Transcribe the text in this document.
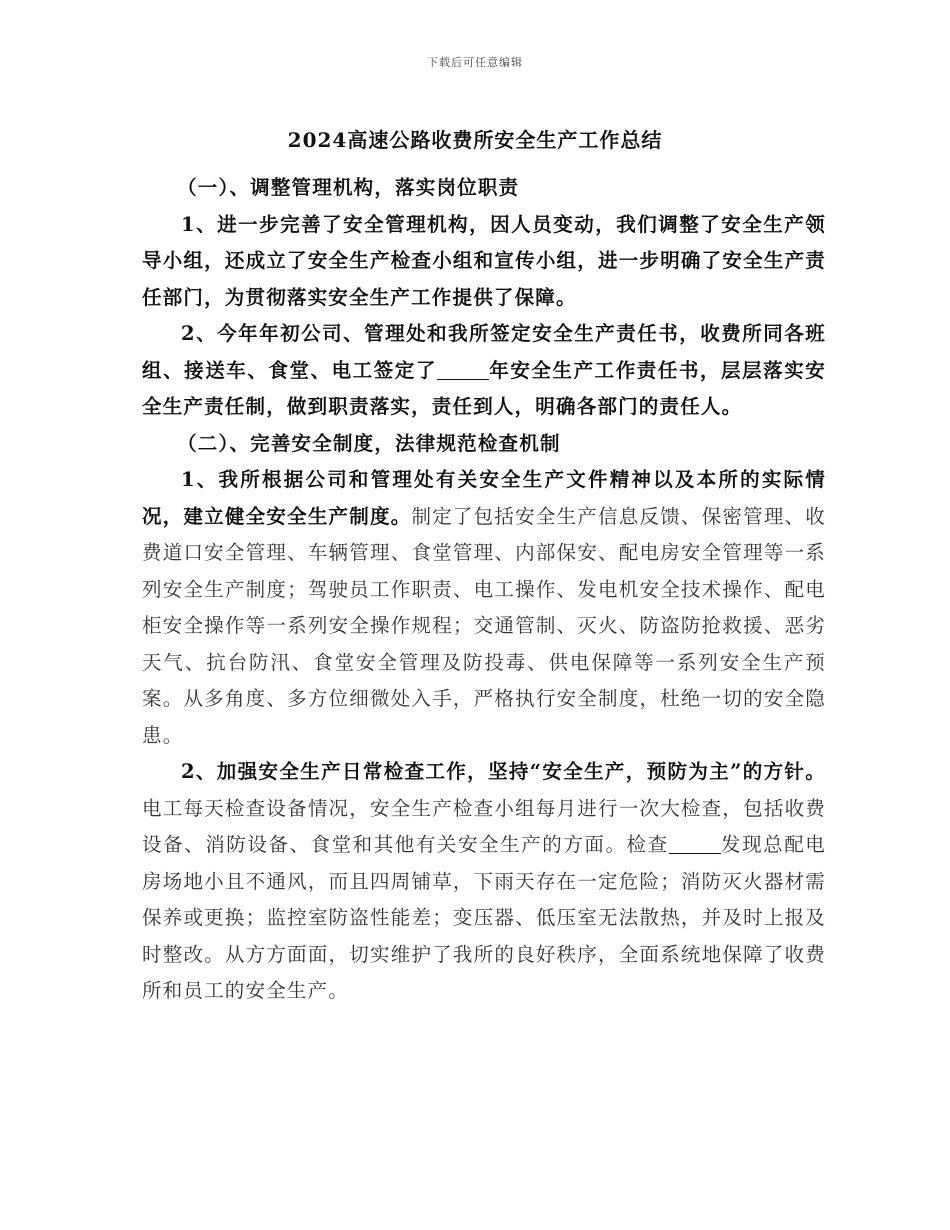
下载后可任意编辑
2024高速公路收费所安全生产工作总结

（一）、调整管理机构，落实岗位职责

1、进一步完善了安全管理机构，因人员变动，我们调整了安全生产领导小组，还成立了安全生产检查小组和宣传小组，进一步明确了安全生产责任部门，为贯彻落实安全生产工作提供了保障。

2、今年年初公司、管理处和我所签定安全生产责任书，收费所同各班组、接送车、食堂、电工签定了	年安全生产工作责任书，层层落实安全生产责任制，做到职责落实，责任到人，明确各部门的责任人。

（二）、完善安全制度，法律规范检查机制

1、我所根据公司和管理处有关安全生产文件精神以及本所的实际情况，建立健全安全生产制度。制定了包括安全生产信息反馈、保密管理、收费道口安全管理、车辆管理、食堂管理、内部保安、配电房安全管理等一系列安全生产制度；驾驶员工作职责、电工操作、发电机安全技术操作、配电柜安全操作等一系列安全操作规程；交通管制、灭火、防盗防抢救援、恶劣天气、抗台防汛、食堂安全管理及防投毒、供电保障等一系列安全生产预案。从多角度、多方位细微处入手，严格执行安全制度，杜绝一切的安全隐患。

2、加强安全生产日常检查工作，坚持“安全生产，预防为主”的方针。电工每天检查设备情况，安全生产检查小组每月进行一次大检查，包括收费设备、消防设备、食堂和其他有关安全生产的方面。检查	发现总配电房场地小且不通风，而且四周铺草，下雨天存在一定危险；消防灭火器材需保养或更换；监控室防盗性能差；变压器、低压室无法散热，并及时上报及时整改。从方方面面，切实维护了我所的良好秩序，全面系统地保障了收费所和员工的安全生产。
